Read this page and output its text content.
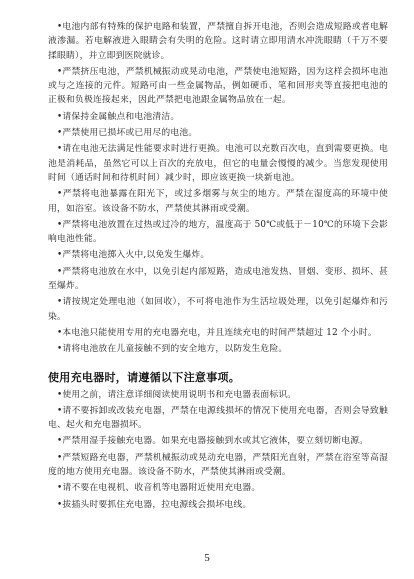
•电池内部有特殊的保护电路和装置，严禁擅自拆开电池，否则会造成短路或者电解液渗漏。若电解液进入眼睛会有失明的危险。这时请立即用清水冲洗眼睛（千万不要揉眼睛），并立即到医院就诊。

•严禁挤压电池，严禁机械振动或晃动电池，严禁使电池短路，因为这样会损坏电池或与之连接的元件。短路可由一些金属物品，例如硬币、笔和回形夹等直接把电池的正极和负极连接起来，因此严禁把电池跟金属物品放在一起。

•请保持金属触点和电池清洁。

•严禁使用已损坏或已用尽的电池。

•请在电池无法满足性能要求时进行更换。电池可以充数百次电，直到需要更换。电池是消耗品，虽然它可以上百次的充放电，但它的电量会慢慢的减少。当您发现使用时间（通话时间和待机时间）减少时，即应该更换一块新电池。

•严禁将电池暴露在阳光下，或过多烟雾与灰尘的地方。严禁在湿度高的环境中使用，如浴室。该设备不防水，严禁使其淋雨或受潮。

•严禁将电池放置在过热或过冷的地方，温度高于 50℃或低于－10℃的环境下会影响电池性能。

•严禁将电池掷入火中,以免发生爆炸。

•严禁将电池放在水中，以免引起内部短路，造成电池发热、冒烟、变形、损坏、甚至爆炸。

•请按规定处理电池（如回收），不可将电池作为生活垃圾处理，以免引起爆炸和污染。

•本电池只能使用专用的充电器充电，并且连续充电的时间严禁超过 12 个小时。

•请将电池放在儿童接触不到的安全地方，以防发生危险。

使用充电器时，请遵循以下注意事项。

•使用之前，请注意详细阅读使用说明书和充电器表面标识。

•请不要拆卸或改装充电器，严禁在电源线损坏的情况下使用充电器，否则会导致触电、起火和充电器损坏。

•严禁用湿手接触充电器。如果充电器接触到水或其它液体，要立刻切断电源。

•严禁短路充电器，严禁机械振动或晃动充电器，严禁阳光直射，严禁在浴室等高湿度的地方使用充电器。该设备不防水，严禁使其淋雨或受潮。

•请不要在电视机、收音机等电器附近使用充电器。

•拔插头时要抓住充电器，拉电源线会损坏电线。

5
